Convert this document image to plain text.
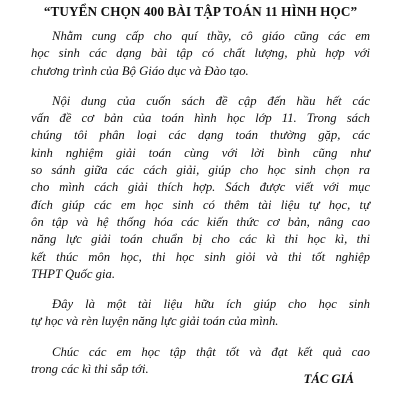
“TUYỂN CHỌN 400 BÀI TẬP TOÁN 11 HÌNH HỌC”
Nhằm cung cấp cho quí thầy, cô giáo cũng các em
học sinh các dạng bài tập có chất lượng, phù hợp với
chương trình của Bộ Giáo dục và Đào tạo.
Nội dung của cuốn sách đề cập đến hầu hết các
vấn đề cơ bản của toán hình học lớp 11. Trong sách
chúng tôi phân loại các dạng toán thường gặp, các
kinh nghiệm giải toán cùng với lời bình cũng như
so sánh giữa các cách giải, giúp cho học sinh chọn ra
cho mình cách giải thích hợp. Sách được viết với mục
đích giúp các em học sinh có thêm tài liệu tự học, tự
ôn tập và hệ thống hóa các kiến thức cơ bản, nâng cao
năng lực giải toán chuẩn bị cho các kì thi học kì, thi
kết thúc môn học, thi học sinh giỏi và thi tốt nghiệp
THPT Quốc gia.
Đây là một tài liệu hữu ích giúp cho học sinh
tự học và rèn luyện năng lực giải toán của mình.
Chúc các em học tập thật tốt và đạt kết quả cao
trong các kì thi sắp tới.
TÁC GIẢ
